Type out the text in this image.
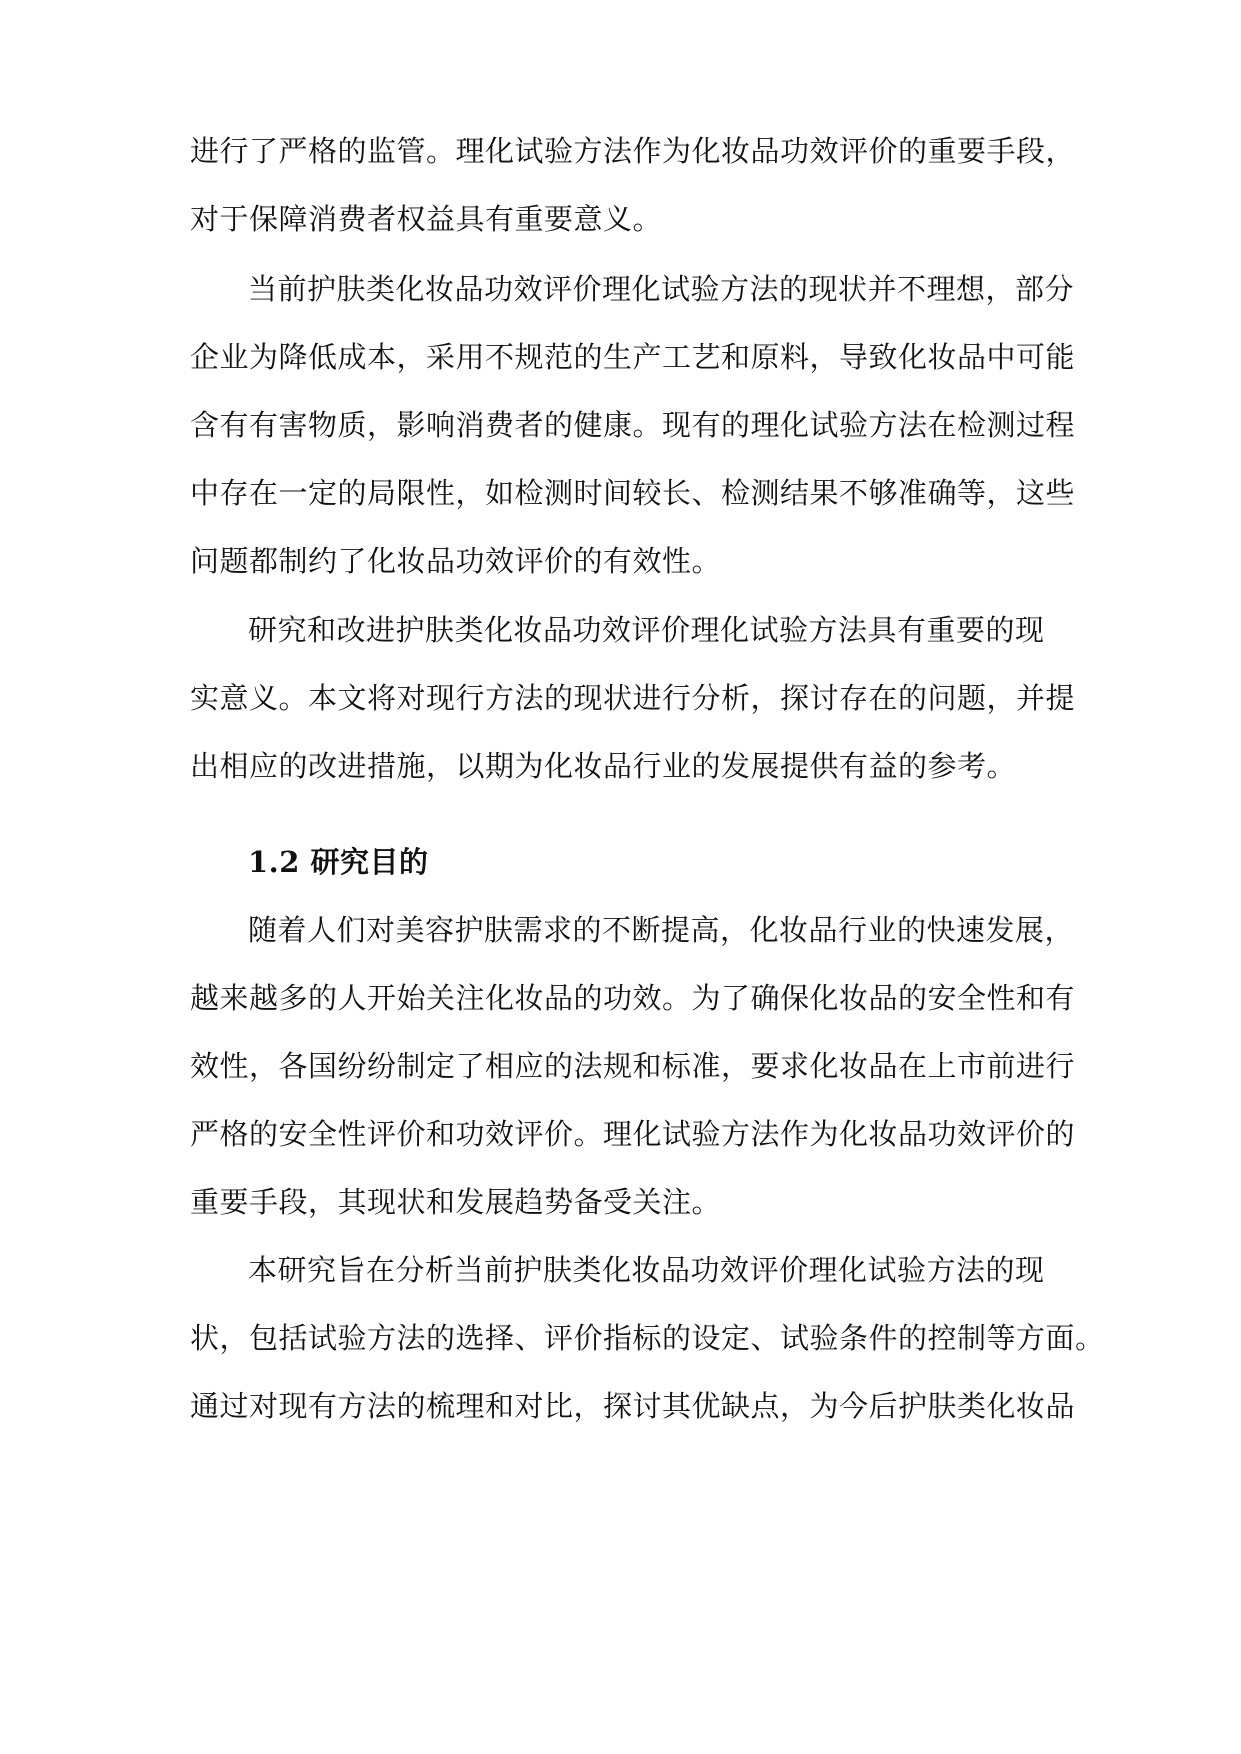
进行了严格的监管。理化试验方法作为化妆品功效评价的重要手段，
对于保障消费者权益具有重要意义。
当前护肤类化妆品功效评价理化试验方法的现状并不理想，部分
企业为降低成本，采用不规范的生产工艺和原料，导致化妆品中可能
含有有害物质，影响消费者的健康。现有的理化试验方法在检测过程
中存在一定的局限性，如检测时间较长、检测结果不够准确等，这些
问题都制约了化妆品功效评价的有效性。
研究和改进护肤类化妆品功效评价理化试验方法具有重要的现
实意义。本文将对现行方法的现状进行分析，探讨存在的问题，并提
出相应的改进措施，以期为化妆品行业的发展提供有益的参考。
1.2 研究目的
随着人们对美容护肤需求的不断提高，化妆品行业的快速发展，
越来越多的人开始关注化妆品的功效。为了确保化妆品的安全性和有
效性，各国纷纷制定了相应的法规和标准，要求化妆品在上市前进行
严格的安全性评价和功效评价。理化试验方法作为化妆品功效评价的
重要手段，其现状和发展趋势备受关注。
本研究旨在分析当前护肤类化妆品功效评价理化试验方法的现
状，包括试验方法的选择、评价指标的设定、试验条件的控制等方面。
通过对现有方法的梳理和对比，探讨其优缺点，为今后护肤类化妆品
